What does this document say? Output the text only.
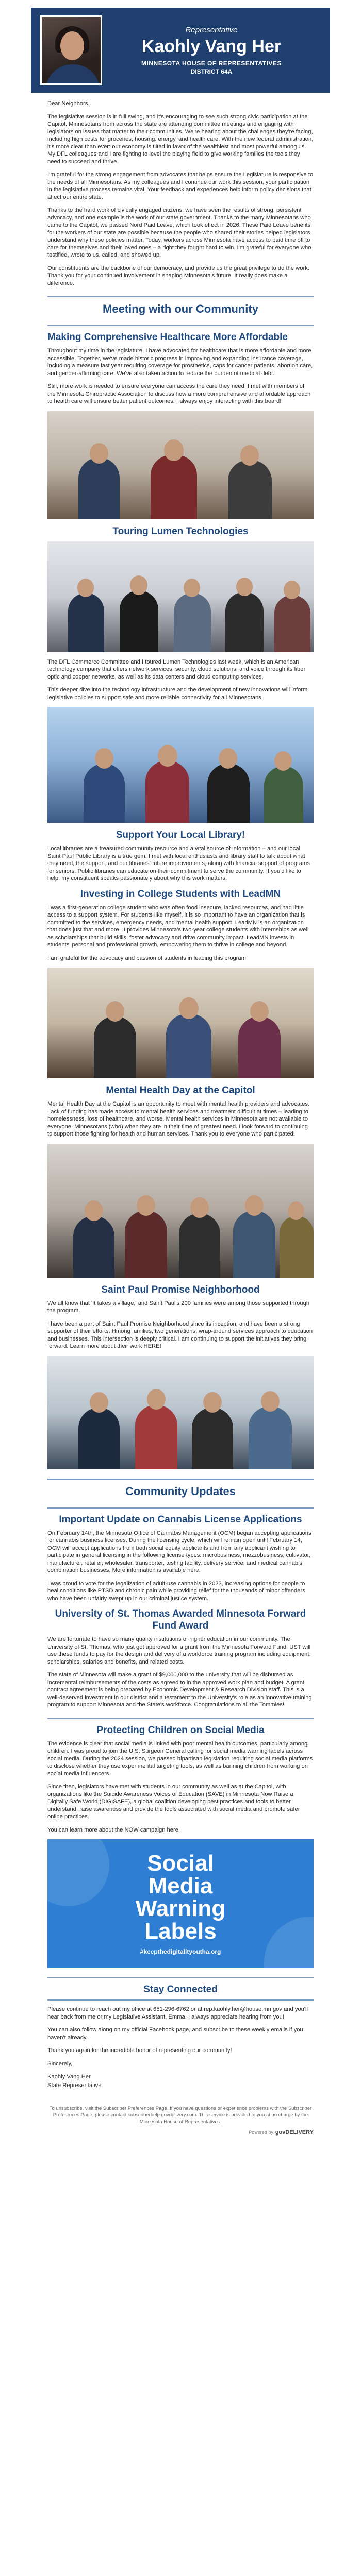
Representative
Kaohly Vang Her
MINNESOTA HOUSE OF REPRESENTATIVES
DISTRICT 64A

Dear Neighbors,

The legislative session is in full swing, and it's encouraging to see such strong civic participation at the Capitol. Minnesotans from across the state are attending committee meetings and engaging with legislators on issues that matter to their communities. We're hearing about the challenges they're facing, including high costs for groceries, housing, energy, and health care. With the new federal administration, it's more clear than ever: our economy is tilted in favor of the wealthiest and most powerful among us. My DFL colleagues and I are fighting to level the playing field to give working families the tools they need to succeed and thrive.

I'm grateful for the strong engagement from advocates that helps ensure the Legislature is responsive to the needs of all Minnesotans. As my colleagues and I continue our work this session, your participation in the legislative process remains vital. Your feedback and experiences help inform policy decisions that affect our entire state.

Thanks to the hard work of civically engaged citizens, we have seen the results of strong, persistent advocacy, and one example is the work of our state government. Thanks to the many Minnesotans who came to the Capitol, we passed Nord Paid Leave, which took effect in 2026. These Paid Leave benefits for the workers of our state are possible because the people who shared their stories helped legislators understand why these policies matter. Today, workers across Minnesota have access to paid time off to care for themselves and their loved ones – a right they fought hard to win. I'm grateful for everyone who testified, wrote to us, called, and showed up.

Our constituents are the backbone of our democracy, and provide us the great privilege to do the work. Thank you for your continued involvement in shaping Minnesota's future. It really does make a difference.

Meeting with our Community
Making Comprehensive Healthcare More Affordable

Throughout my time in the legislature, I have advocated for healthcare that is more affordable and more accessible. Together, we've made historic progress in improving and expanding insurance coverage, including a measure last year requiring coverage for prosthetics, caps for cancer patients, abortion care, and gender-affirming care. We've also taken action to reduce the burden of medical debt.

Still, more work is needed to ensure everyone can access the care they need. I met with members of the Minnesota Chiropractic Association to discuss how a more comprehensive and affordable approach to health care will ensure better patient outcomes. I always enjoy interacting with this board!

Touring Lumen Technologies

The DFL Commerce Committee and I toured Lumen Technologies last week, which is an American technology company that offers network services, security, cloud solutions, and voice through its fiber optic and copper networks, as well as its data centers and cloud computing services.

This deeper dive into the technology infrastructure and the development of new innovations will inform legislative policies to support safe and more reliable connectivity for all Minnesotans.

Support Your Local Library!

Local libraries are a treasured community resource and a vital source of information – and our local Saint Paul Public Library is a true gem. I met with local enthusiasts and library staff to talk about what they need, the support, and our libraries' future improvements, along with financial support of programs for seniors. Public libraries can educate on their commitment to serve the community. If you'd like to help, my constituent speaks passionately about why this work matters.

Investing in College Students with LeadMN

I was a first-generation college student who was often food insecure, lacked resources, and had little access to a support system. For students like myself, it is so important to have an organization that is committed to the services, emergency needs, and mental health support. LeadMN is an organization that does just that and more. It provides Minnesota's two-year college students with internships as well as scholarships that build skills, foster advocacy and drive community impact. LeadMN invests in students' personal and professional growth, empowering them to thrive in college and beyond.

I am grateful for the advocacy and passion of students in leading this program!

Mental Health Day at the Capitol

Mental Health Day at the Capitol is an opportunity to meet with mental health providers and advocates. Lack of funding has made access to mental health services and treatment difficult at times – leading to homelessness, loss of healthcare, and worse. Mental health services in Minnesota are not available to everyone. Minnesotans (who) when they are in their time of greatest need. I look forward to continuing to support those fighting for health and human services. Thank you to everyone who participated!

Saint Paul Promise Neighborhood

We all know that 'It takes a village,' and Saint Paul's 200 families were among those supported through the program.

I have been a part of Saint Paul Promise Neighborhood since its inception, and have been a strong supporter of their efforts. Hmong families, two generations, wrap-around services approach to education and businesses. This intersection is deeply critical. I am continuing to support the initiatives they bring forward. Learn more about their work HERE!

Community Updates
Important Update on Cannabis License Applications

On February 14th, the Minnesota Office of Cannabis Management (OCM) began accepting applications for cannabis business licenses. During the licensing cycle, which will remain open until February 14, OCM will accept applications from both social equity applicants and from any applicant wishing to participate in general licensing in the following license types: microbusiness, mezzobusiness, cultivator, manufacturer, retailer, wholesaler, transporter, testing facility, delivery service, and medical cannabis combination businesses. More information is available here.

I was proud to vote for the legalization of adult-use cannabis in 2023, increasing options for people to heal conditions like PTSD and chronic pain while providing relief for the thousands of minor offenders who have been unfairly swept up in our criminal justice system.

University of St. Thomas Awarded Minnesota Forward Fund Award

We are fortunate to have so many quality institutions of higher education in our community. The University of St. Thomas, who just got approved for a grant from the Minnesota Forward Fund! UST will use these funds to pay for the design and delivery of a workforce training program including equipment, scholarships, salaries and benefits, and related costs.

The state of Minnesota will make a grant of $9,000,000 to the university that will be disbursed as incremental reimbursements of the costs as agreed to in the approved work plan and budget. A grant contract agreement is being prepared by Economic Development & Research Division staff. This is a well-deserved investment in our district and a testament to the University's role as an innovative training program to support Minnesota and the State's workforce. Congratulations to all the Tommies!

Protecting Children on Social Media

The evidence is clear that social media is linked with poor mental health outcomes, particularly among children. I was proud to join the U.S. Surgeon General calling for social media warning labels across social media. During the 2024 session, we passed bipartisan legislation requiring social media platforms to disclose whether they use experimental targeting tools, as well as banning children from working on social media influencers.

Since then, legislators have met with students in our community as well as at the Capitol, with organizations like the Suicide Awareness Voices of Education (SAVE) in Minnesota Now Raise a Digitally Safe World (DIGISAFE), a global coalition developing best practices and tools to better understand, raise awareness and provide the tools associated with social media and promote safer online practices.

You can learn more about the NOW campaign here.

Social
Media
Warning
Labels
#keepthedigitalityoutha.org
Stay Connected

Please continue to reach out my office at 651-296-6762 or at rep.kaohly.her@house.mn.gov and you'll hear back from me or my Legislative Assistant, Emma. I always appreciate hearing from you!

You can also follow along on my official Facebook page, and subscribe to these weekly emails if you haven't already.

Thank you again for the incredible honor of representing our community!

Sincerely,

Kaohly Vang Her

State Representative

To unsubscribe, visit the Subscriber Preferences Page. If you have questions or experience problems with the Subscriber Preferences Page, please contact subscriberhelp.govdelivery.com. This service is provided to you at no charge by the Minnesota House of Representatives.
Powered by govDELIVERY
